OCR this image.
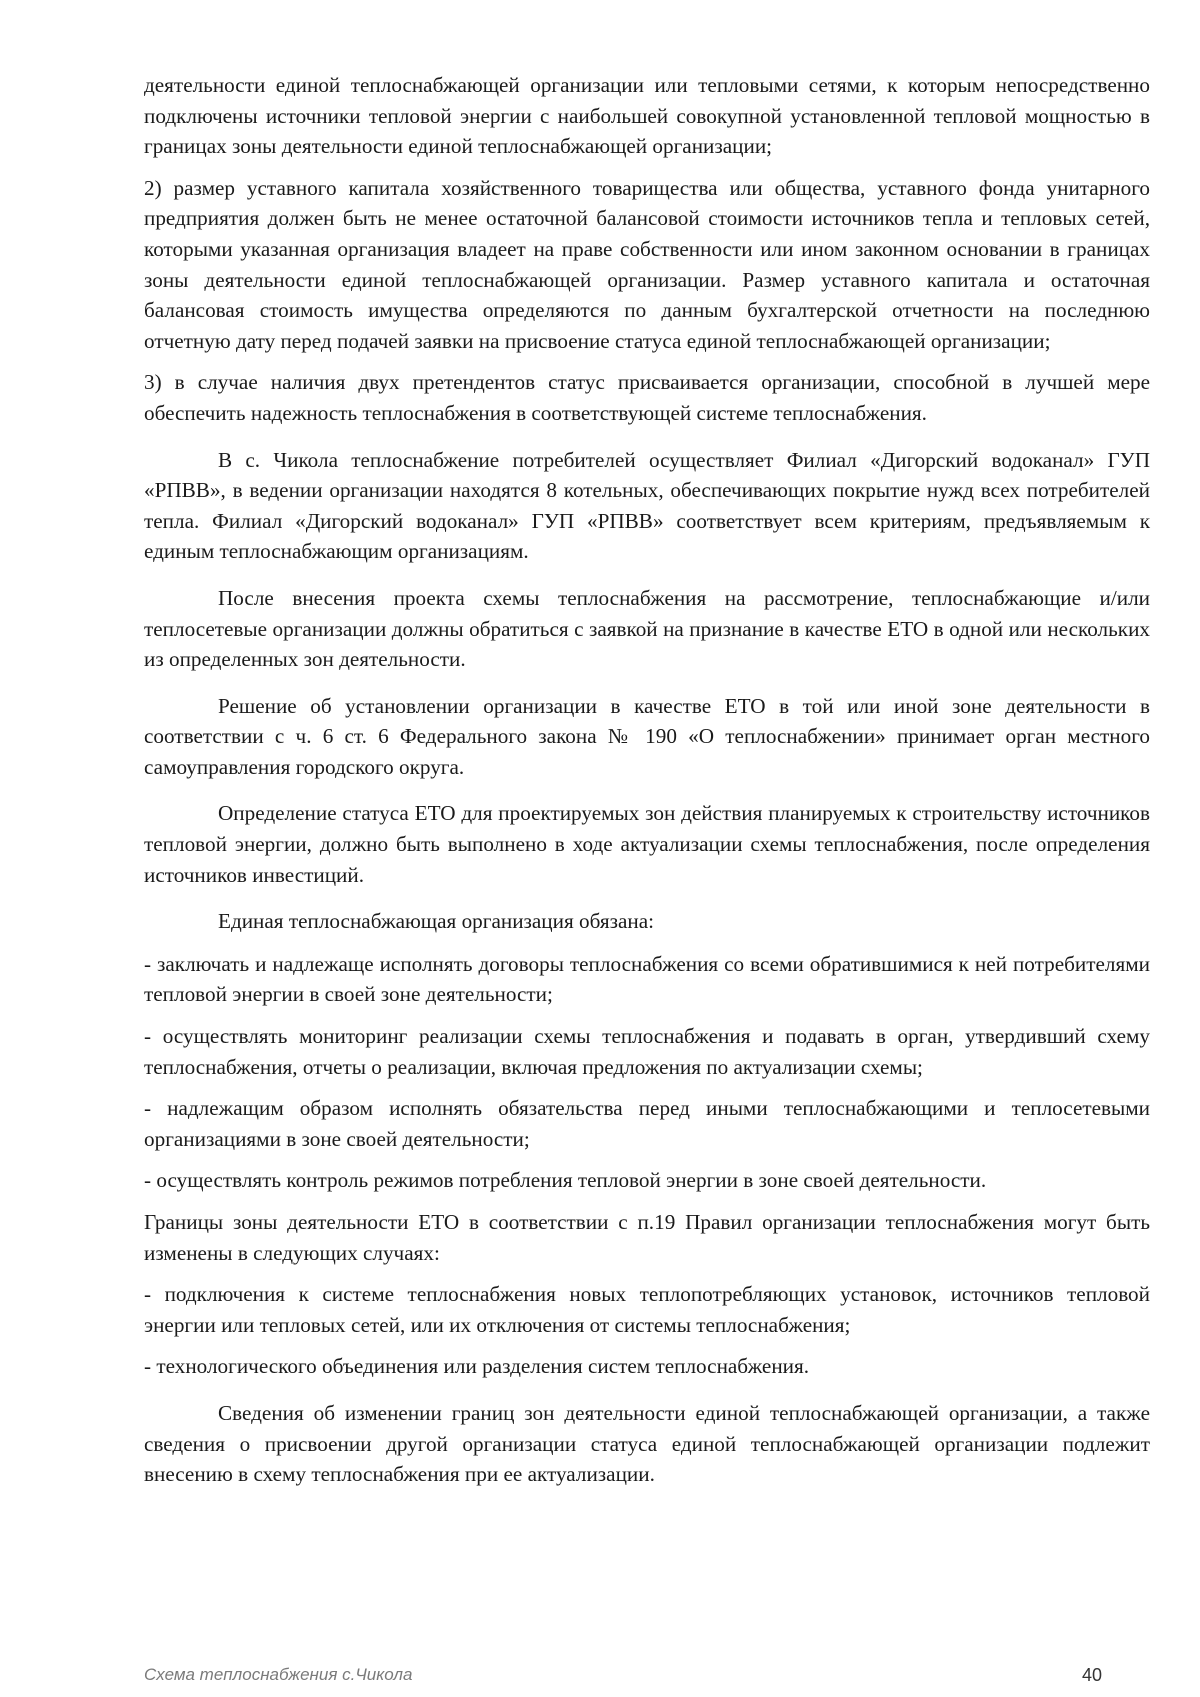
деятельности единой теплоснабжающей организации или тепловыми сетями, к которым непосредственно подключены источники тепловой энергии с наибольшей совокупной установленной тепловой мощностью в границах зоны деятельности единой теплоснабжающей организации;

2) размер уставного капитала хозяйственного товарищества или общества, уставного фонда унитарного предприятия должен быть не менее остаточной балансовой стоимости источников тепла и тепловых сетей, которыми указанная организация владеет на праве собственности или ином законном основании в границах зоны деятельности единой теплоснабжающей организации. Размер уставного капитала и остаточная балансовая стоимость имущества определяются по данным бухгалтерской отчетности на последнюю отчетную дату перед подачей заявки на присвоение статуса единой теплоснабжающей организации;

3) в случае наличия двух претендентов статус присваивается организации, способной в лучшей мере обеспечить надежность теплоснабжения в соответствующей системе теплоснабжения.

В с. Чикола теплоснабжение потребителей осуществляет Филиал «Дигорский водоканал» ГУП «РПВВ», в ведении организации находятся 8 котельных, обеспечивающих покрытие нужд всех потребителей тепла. Филиал «Дигорский водоканал» ГУП «РПВВ» соответствует всем критериям, предъявляемым к единым теплоснабжающим организациям.

После внесения проекта схемы теплоснабжения на рассмотрение, теплоснабжающие и/или теплосетевые организации должны обратиться с заявкой на признание в качестве ЕТО в одной или нескольких из определенных зон деятельности.

Решение об установлении организации в качестве ЕТО в той или иной зоне деятельности в соответствии с ч. 6 ст. 6 Федерального закона № 190 «О теплоснабжении» принимает орган местного самоуправления городского округа.

Определение статуса ЕТО для проектируемых зон действия планируемых к строительству источников тепловой энергии, должно быть выполнено в ходе актуализации схемы теплоснабжения, после определения источников инвестиций.

Единая теплоснабжающая организация обязана:

- заключать и надлежаще исполнять договоры теплоснабжения со всеми обратившимися к ней потребителями тепловой энергии в своей зоне деятельности;

- осуществлять мониторинг реализации схемы теплоснабжения и подавать в орган, утвердивший схему теплоснабжения, отчеты о реализации, включая предложения по актуализации схемы;

- надлежащим образом исполнять обязательства перед иными теплоснабжающими и теплосетевыми организациями в зоне своей деятельности;

- осуществлять контроль режимов потребления тепловой энергии в зоне своей деятельности.

Границы зоны деятельности ЕТО в соответствии с п.19 Правил организации теплоснабжения могут быть изменены в следующих случаях:

- подключения к системе теплоснабжения новых теплопотребляющих установок, источников тепловой энергии или тепловых сетей, или их отключения от системы теплоснабжения;

- технологического объединения или разделения систем теплоснабжения.

Сведения об изменении границ зон деятельности единой теплоснабжающей организации, а также сведения о присвоении другой организации статуса единой теплоснабжающей организации подлежит внесению в схему теплоснабжения при ее актуализации.

Схема теплоснабжения с.Чикола	40
